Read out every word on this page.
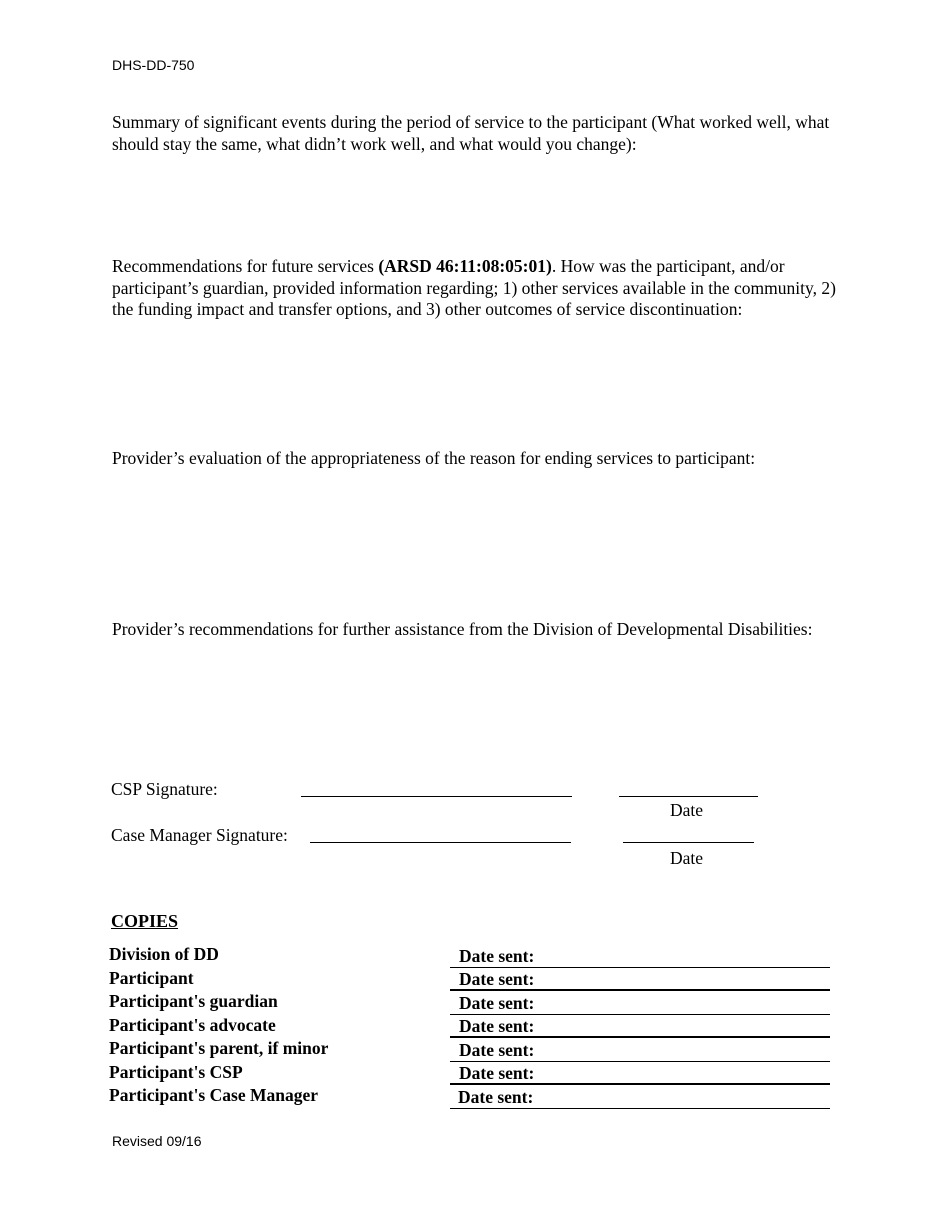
DHS-DD-750
Summary of significant events during the period of service to the participant (What worked well, what should stay the same, what didn’t work well, and what would you change):
Recommendations for future services (ARSD 46:11:08:05:01). How was the participant, and/or participant’s guardian, provided information regarding; 1) other services available in the community, 2) the funding impact and transfer options, and 3) other outcomes of service discontinuation:
Provider’s evaluation of the appropriateness of the reason for ending services to participant:
Provider’s recommendations for further assistance from the Division of Developmental Disabilities:
CSP Signature:
Date
Case Manager Signature:
Date
COPIES
Division of DD
Participant
Participant's guardian
Participant's advocate
Participant's parent, if minor
Participant's CSP
Participant's Case Manager
Date sent:
Date sent:
Date sent:
Date sent:
Date sent:
Date sent:
Date sent:
Revised 09/16
